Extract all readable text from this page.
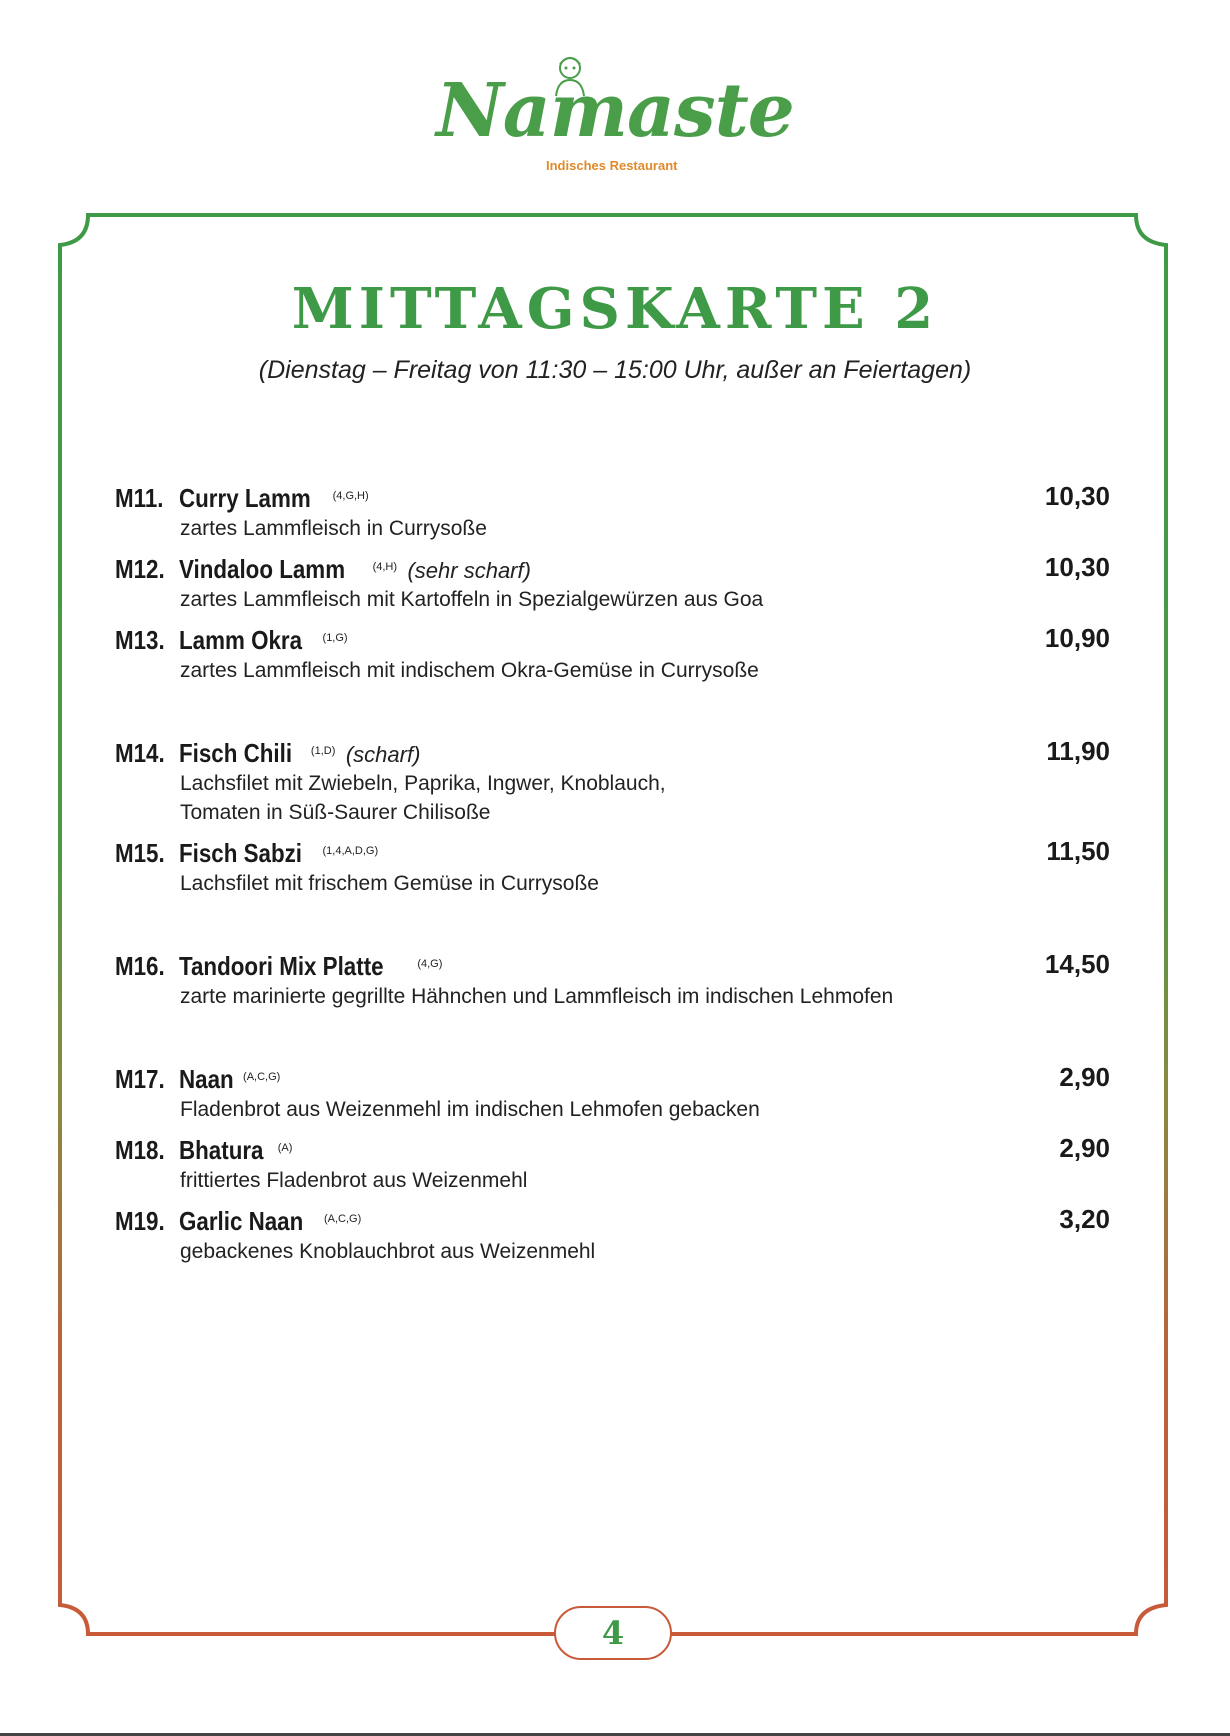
Namaste
Indisches Restaurant
MITTAGSKARTE 2
(Dienstag – Freitag von 11:30 – 15:00 Uhr, außer an Feiertagen)
M11. Curry Lamm $^{(4,G,H)}$	10,30
zartes Lammfleisch in Currysoße
M12. Vindaloo Lamm $^{(4,H)}$ (sehr scharf)	10,30
zartes Lammfleisch mit Kartoffeln in Spezialgewürzen aus Goa
M13. Lamm Okra $^{(1,G)}$	10,90
zartes Lammfleisch mit indischem Okra-Gemüse in Currysoße
M14. Fisch Chili $^{(1,D)}$ (scharf)	11,90
Lachsfilet mit Zwiebeln, Paprika, Ingwer, Knoblauch,
Tomaten in Süß-Saurer Chilisoße
M15. Fisch Sabzi $^{(1,4,A,D,G)}$	11,50
Lachsfilet mit frischem Gemüse in Currysoße
M16. Tandoori Mix Platte	$^{(4,G)}$	14,50
zarte marinierte gegrillte Hähnchen und Lammfleisch im indischen Lehmofen
M17. Naan $^{(A,C,G)}$	2,90
Fladenbrot aus Weizenmehl im indischen Lehmofen gebacken
M18. Bhatura $^{(A)}$	2,90
frittiertes Fladenbrot aus Weizenmehl
M19. Garlic Naan $^{(A,C,G)}$	3,20
gebackenes Knoblauchbrot aus Weizenmehl
4
